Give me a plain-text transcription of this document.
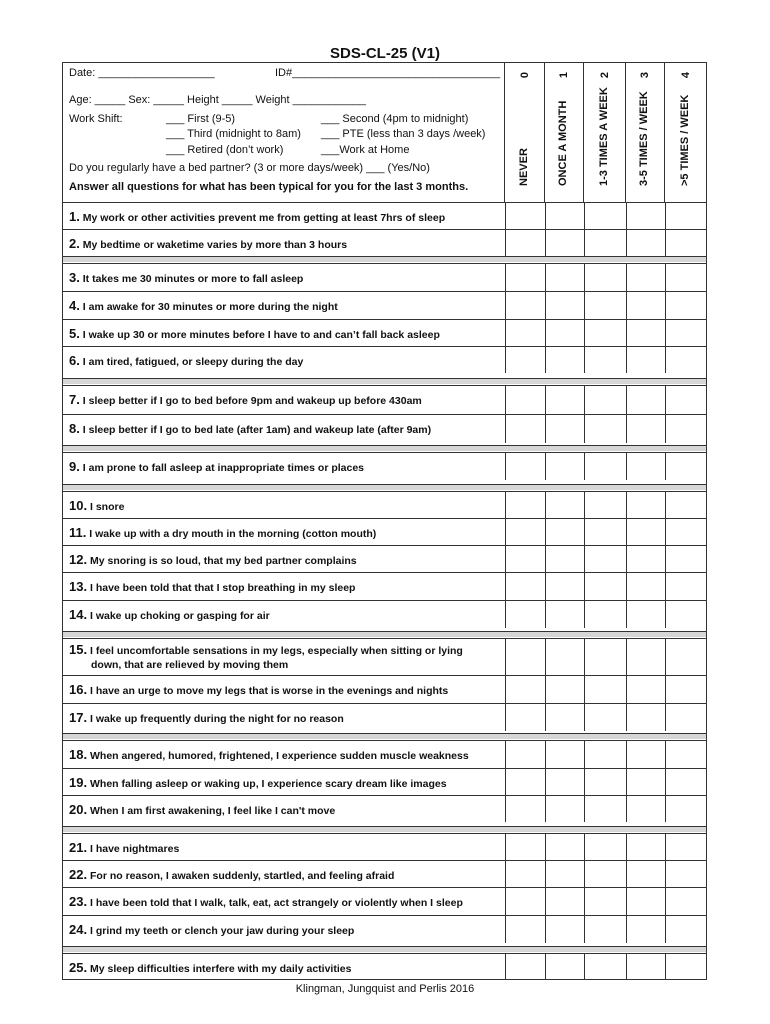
SDS-CL-25 (V1)
Date: ___________________	ID#__________________________________
Age: _____ Sex: _____ Height _____ Weight ____________
Work Shift:	___ First (9-5)	___ Second (4pm to midnight)
___ Third (midnight to 8am) ___ PTE (less than 3 days /week)
___ Retired (don’t work)	___Work at Home
Do you regularly have a bed partner? (3 or more days/week) ___ (Yes/No)
Answer all questions for what has been typical for you for the last 3 months.
0
NEVER
1
ONCE A MONTH
2
1-3 TIMES A WEEK
3
3-5 TIMES / WEEK
4
>5 TIMES / WEEK
1. My work or other activities prevent me from getting at least 7hrs of sleep
2. My bedtime or waketime varies by more than 3 hours
3. It takes me 30 minutes or more to fall asleep
4. I am awake for 30 minutes or more during the night
5. I wake up 30 or more minutes before I have to and can’t fall back asleep
6. I am tired, fatigued, or sleepy during the day
7. I sleep better if I go to bed before 9pm and wakeup up before 430am
8. I sleep better if I go to bed late (after 1am) and wakeup late (after 9am)
9. I am prone to fall asleep at inappropriate times or places
10. I snore
11. I wake up with a dry mouth in the morning (cotton mouth)
12. My snoring is so loud, that my bed partner complains
13. I have been told that that I stop breathing in my sleep
14. I wake up choking or gasping for air
15. I feel uncomfortable sensations in my legs, especially when sitting or lying
down, that are relieved by moving them
16. I have an urge to move my legs that is worse in the evenings and nights
17. I wake up frequently during the night for no reason
18. When angered, humored, frightened, I experience sudden muscle weakness
19. When falling asleep or waking up, I experience scary dream like images
20. When I am first awakening, I feel like I can't move
21. I have nightmares
22. For no reason, I awaken suddenly, startled, and feeling afraid
23. I have been told that I walk, talk, eat, act strangely or violently when I sleep
24. I grind my teeth or clench your jaw during your sleep
25. My sleep difficulties interfere with my daily activities
Klingman, Jungquist and Perlis 2016
